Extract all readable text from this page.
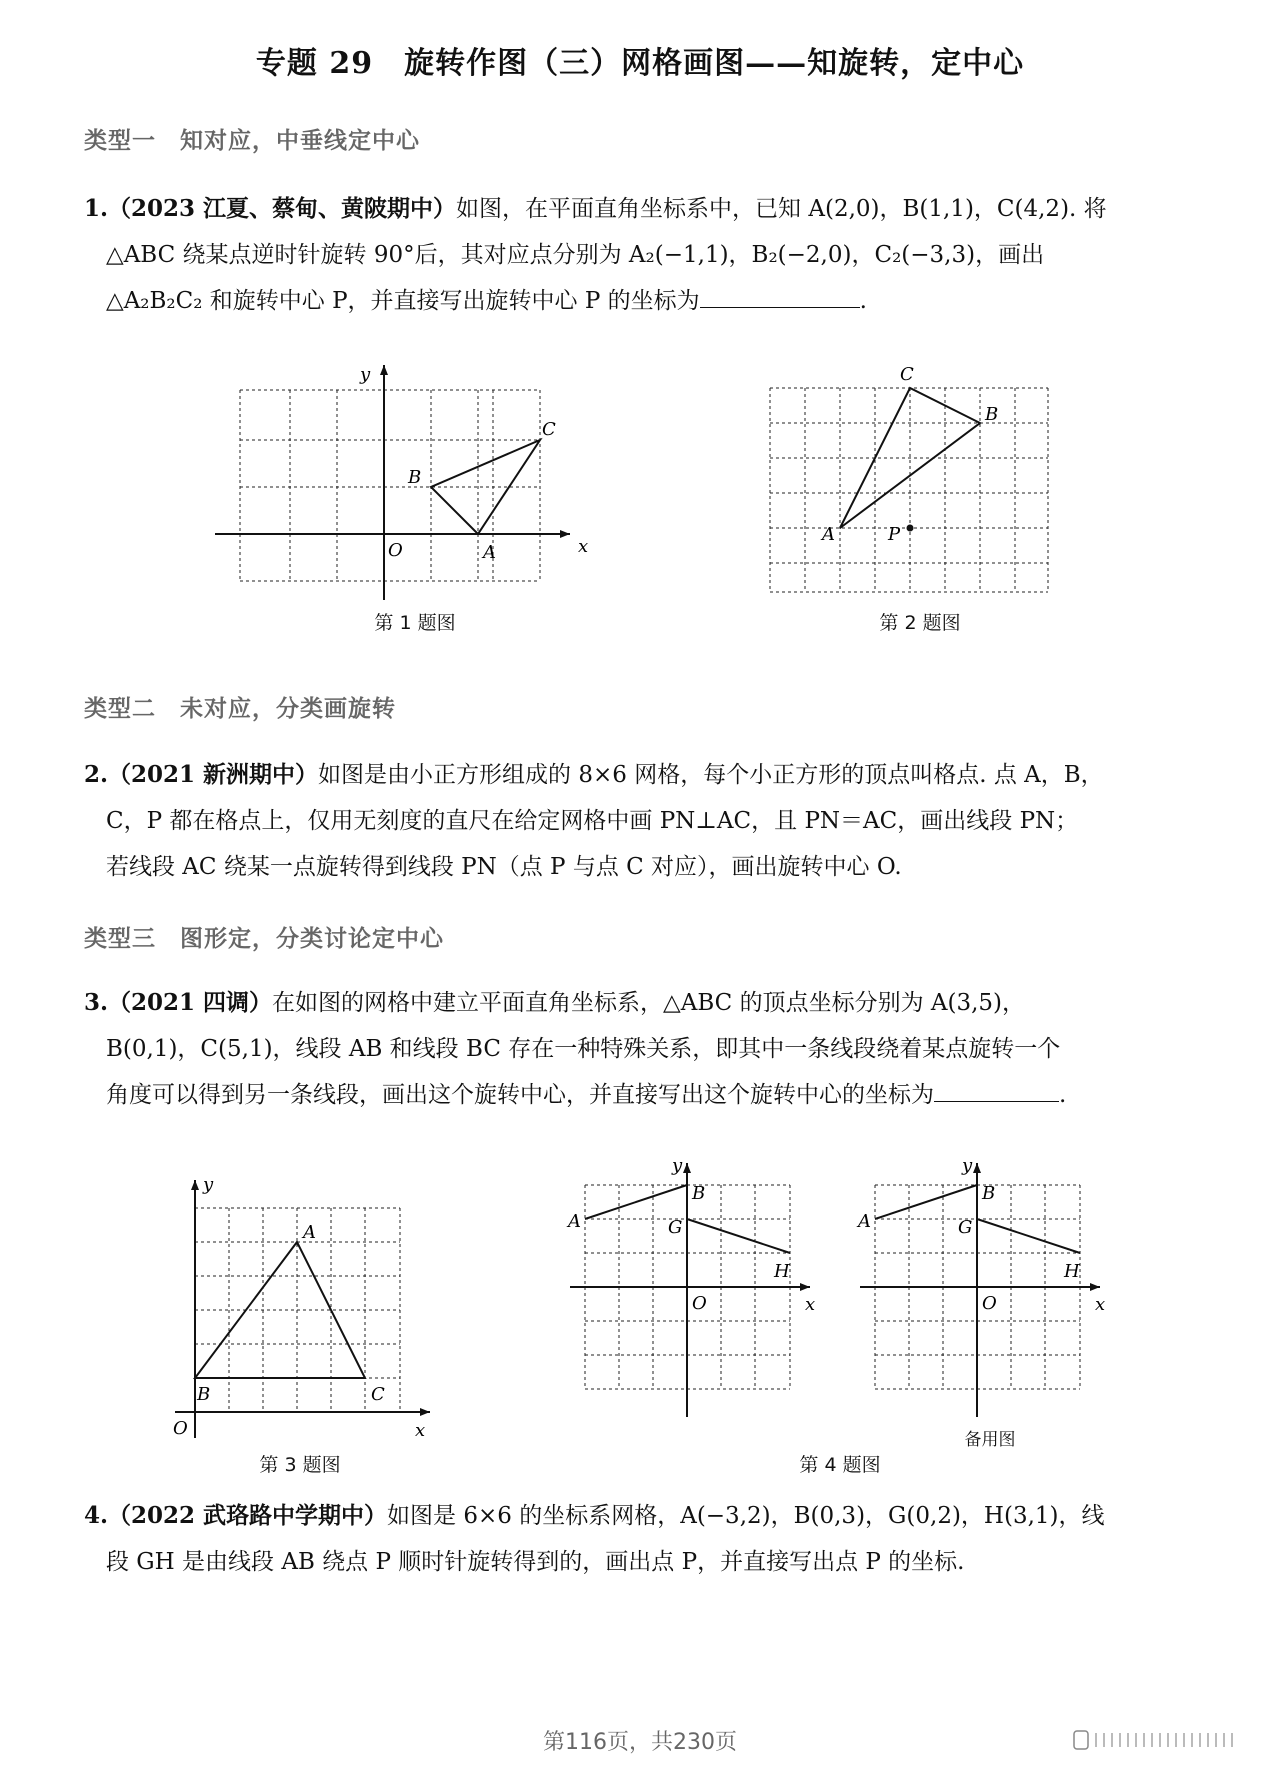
专题 29　旋转作图（三）网格画图——知旋转，定中心
类型一　知对应，中垂线定中心
1.（2023 江夏、蔡甸、黄陂期中）如图，在平面直角坐标系中，已知 A(2,0)，B(1,1)，C(4,2). 将
△ABC 绕某点逆时针旋转 90°后，其对应点分别为 A₂(−1,1)，B₂(−2,0)，C₂(−3,3)，画出
△A₂B₂C₂ 和旋转中心 P，并直接写出旋转中心 P 的坐标为	.
y
x
O	A
B
C
第 1 题图
C
B
A	P
第 2 题图
类型二　未对应，分类画旋转
2.（2021 新洲期中）如图是由小正方形组成的 8×6 网格，每个小正方形的顶点叫格点. 点 A，B，
C，P 都在格点上，仅用无刻度的直尺在给定网格中画 PN⊥AC，且 PN＝AC，画出线段 PN；
若线段 AC 绕某一点旋转得到线段 PN（点 P 与点 C 对应），画出旋转中心 O.
类型三　图形定，分类讨论定中心
3.（2021 四调）在如图的网格中建立平面直角坐标系，△ABC 的顶点坐标分别为 A(3,5)，
B(0,1)，C(5,1)，线段 AB 和线段 BC 存在一种特殊关系，即其中一条线段绕着某点旋转一个
角度可以得到另一条线段，画出这个旋转中心，并直接写出这个旋转中心的坐标为	.
y
x
O
A
B	C
第 3 题图
y
x
O
A
B
G
H
第 4 题图
y
x
O
A
B
G
H
备用图
4.（2022 武珞路中学期中）如图是 6×6 的坐标系网格，A(−3,2)，B(0,3)，G(0,2)，H(3,1)，线
段 GH 是由线段 AB 绕点 P 顺时针旋转得到的，画出点 P，并直接写出点 P 的坐标.
第116页，共230页
